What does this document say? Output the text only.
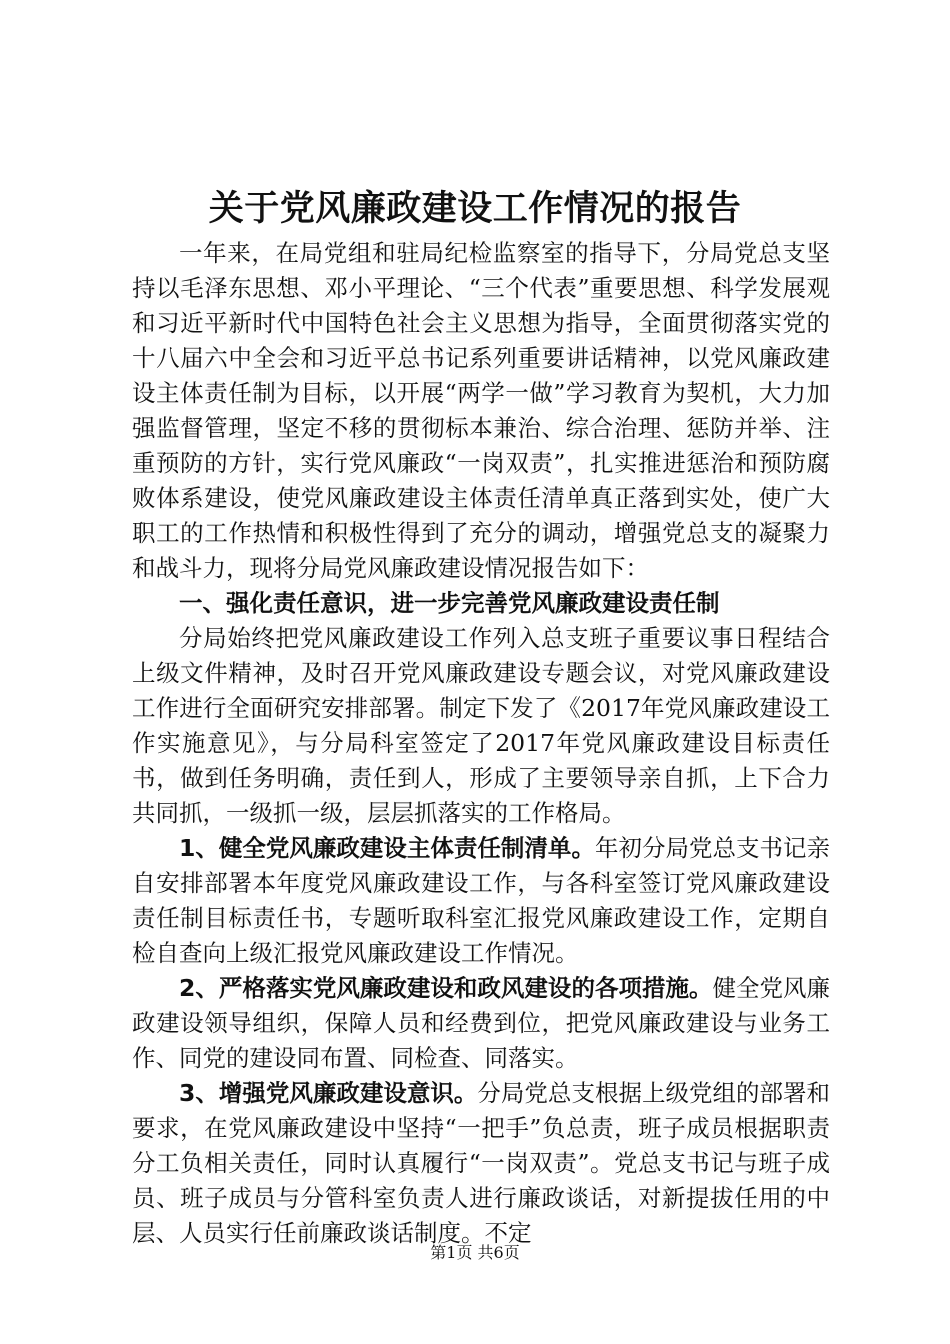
关于党风廉政建设工作情况的报告

一年来，在局党组和驻局纪检监察室的指导下，分局党总支坚持以毛泽东思想、邓小平理论、“三个代表”重要思想、科学发展观和习近平新时代中国特色社会主义思想为指导，全面贯彻落实党的十八届六中全会和习近平总书记系列重要讲话精神，以党风廉政建设主体责任制为目标，以开展“两学一做”学习教育为契机，大力加强监督管理，坚定不移的贯彻标本兼治、综合治理、惩防并举、注重预防的方针，实行党风廉政“一岗双责”，扎实推进惩治和预防腐败体系建设，使党风廉政建设主体责任清单真正落到实处，使广大职工的工作热情和积极性得到了充分的调动，增强党总支的凝聚力和战斗力，现将分局党风廉政建设情况报告如下：

一、强化责任意识，进一步完善党风廉政建设责任制

分局始终把党风廉政建设工作列入总支班子重要议事日程结合上级文件精神，及时召开党风廉政建设专题会议，对党风廉政建设工作进行全面研究安排部署。制定下发了《2017年党风廉政建设工作实施意见》，与分局科室签定了2017年党风廉政建设目标责任书，做到任务明确，责任到人，形成了主要领导亲自抓，上下合力共同抓，一级抓一级，层层抓落实的工作格局。

1、健全党风廉政建设主体责任制清单。年初分局党总支书记亲自安排部署本年度党风廉政建设工作，与各科室签订党风廉政建设责任制目标责任书，专题听取科室汇报党风廉政建设工作，定期自检自查向上级汇报党风廉政建设工作情况。

2、严格落实党风廉政建设和政风建设的各项措施。健全党风廉政建设领导组织，保障人员和经费到位，把党风廉政建设与业务工作、同党的建设同布置、同检查、同落实。

3、增强党风廉政建设意识。分局党总支根据上级党组的部署和要求，在党风廉政建设中坚持“一把手”负总责，班子成员根据职责分工负相关责任，同时认真履行“一岗双责”。党总支书记与班子成员、班子成员与分管科室负责人进行廉政谈话，对新提拔任用的中层、人员实行任前廉政谈话制度。不定

第1页 共6页
